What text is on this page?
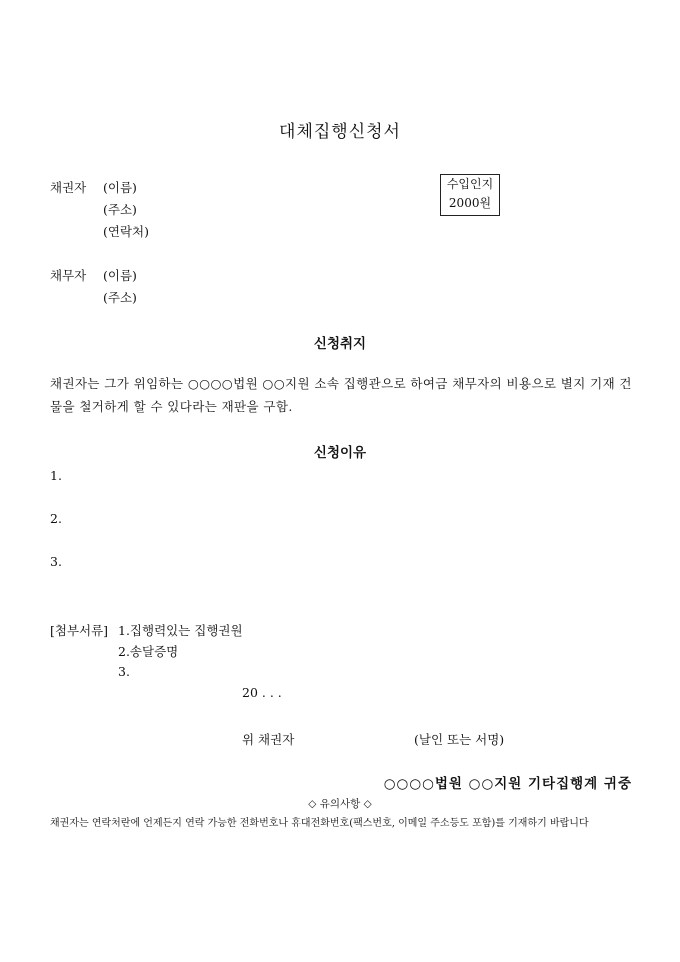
대체집행신청서
채권자 (이름)
(주소)
(연락처)
수입인지
2000원
채무자 (이름)
(주소)
신청취지
채권자는 그가 위임하는 ○○○○법원 ○○지원 소속 집행관으로 하여금 채무자의 비용으로 별지 기재 건물을 철거하게 할 수 있다라는 재판을 구함.
신청이유
1.
2.
3.
[첨부서류] 1.집행력있는 집행권원
2.송달증명
3.
20 . . .
위 채권자	(날인 또는 서명)
○○○○법원 ○○지원 기타집행계 귀중
◇ 유의사항 ◇
채권자는 연락처란에 언제든지 연락 가능한 전화번호나 휴대전화번호(팩스번호, 이메일 주소등도 포함)를 기재하기 바랍니다
